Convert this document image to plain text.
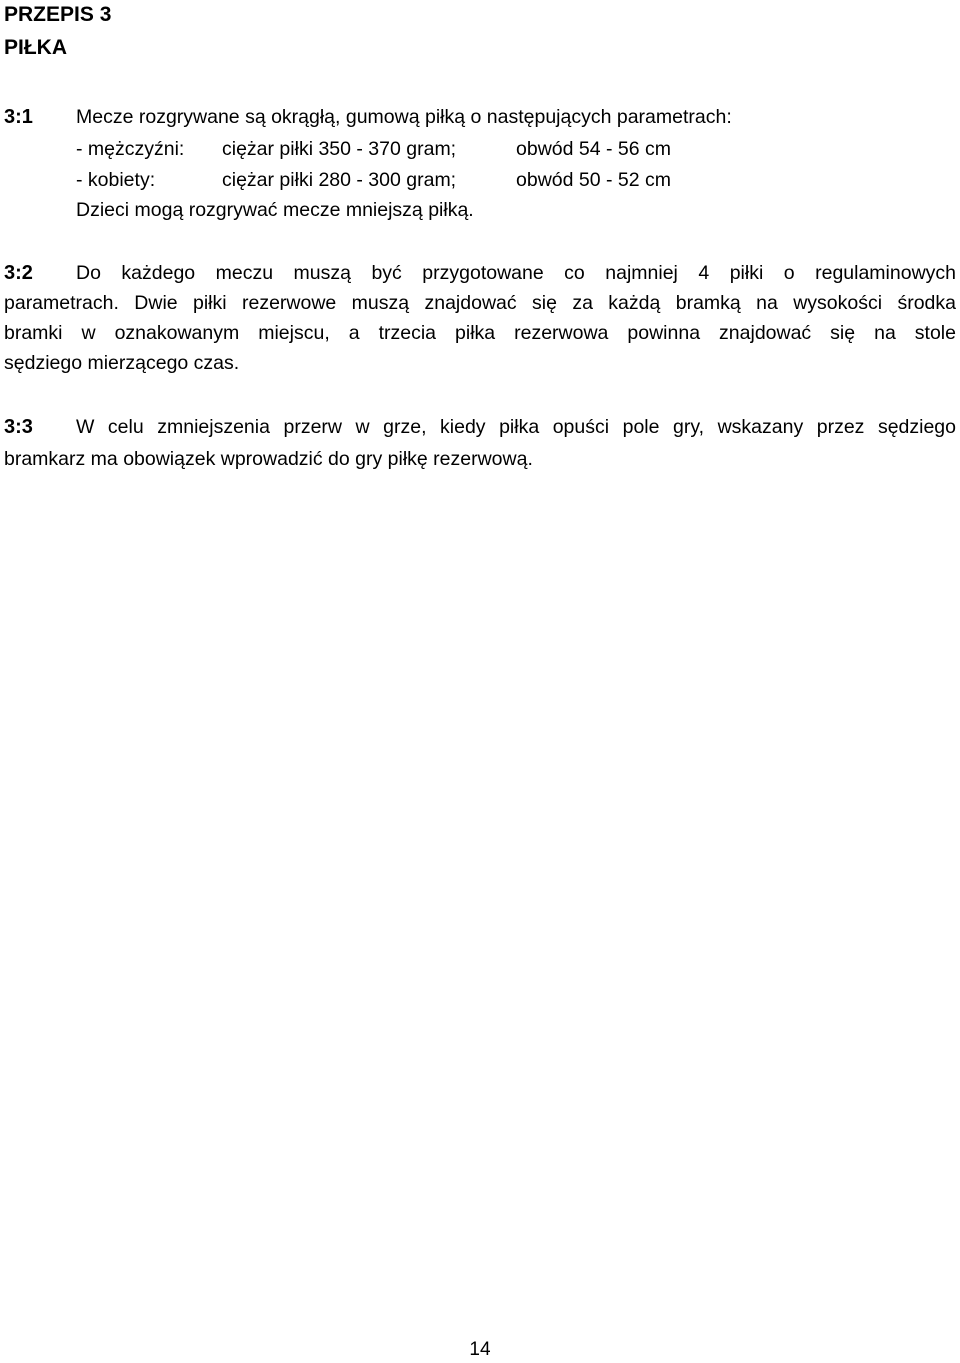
PRZEPIS 3
PIŁKA
3:1 Mecze rozgrywane są okrągłą, gumową piłką o następujących parametrach:
- mężczyźni: ciężar piłki 350 - 370 gram;	obwód 54 - 56 cm
- kobiety:	ciężar piłki 280 - 300 gram;	obwód 50 - 52 cm
Dzieci mogą rozgrywać mecze mniejszą piłką.
3:2 Do każdego meczu muszą być przygotowane co najmniej 4 piłki o regulaminowych
parametrach. Dwie piłki rezerwowe muszą znajdować się za każdą bramką na wysokości środka
bramki w oznakowanym miejscu, a trzecia piłka rezerwowa powinna znajdować się na stole
sędziego mierzącego czas.
3:3 W celu zmniejszenia przerw w grze, kiedy piłka opuści pole gry, wskazany przez sędziego
bramkarz ma obowiązek wprowadzić do gry piłkę rezerwową.
14
